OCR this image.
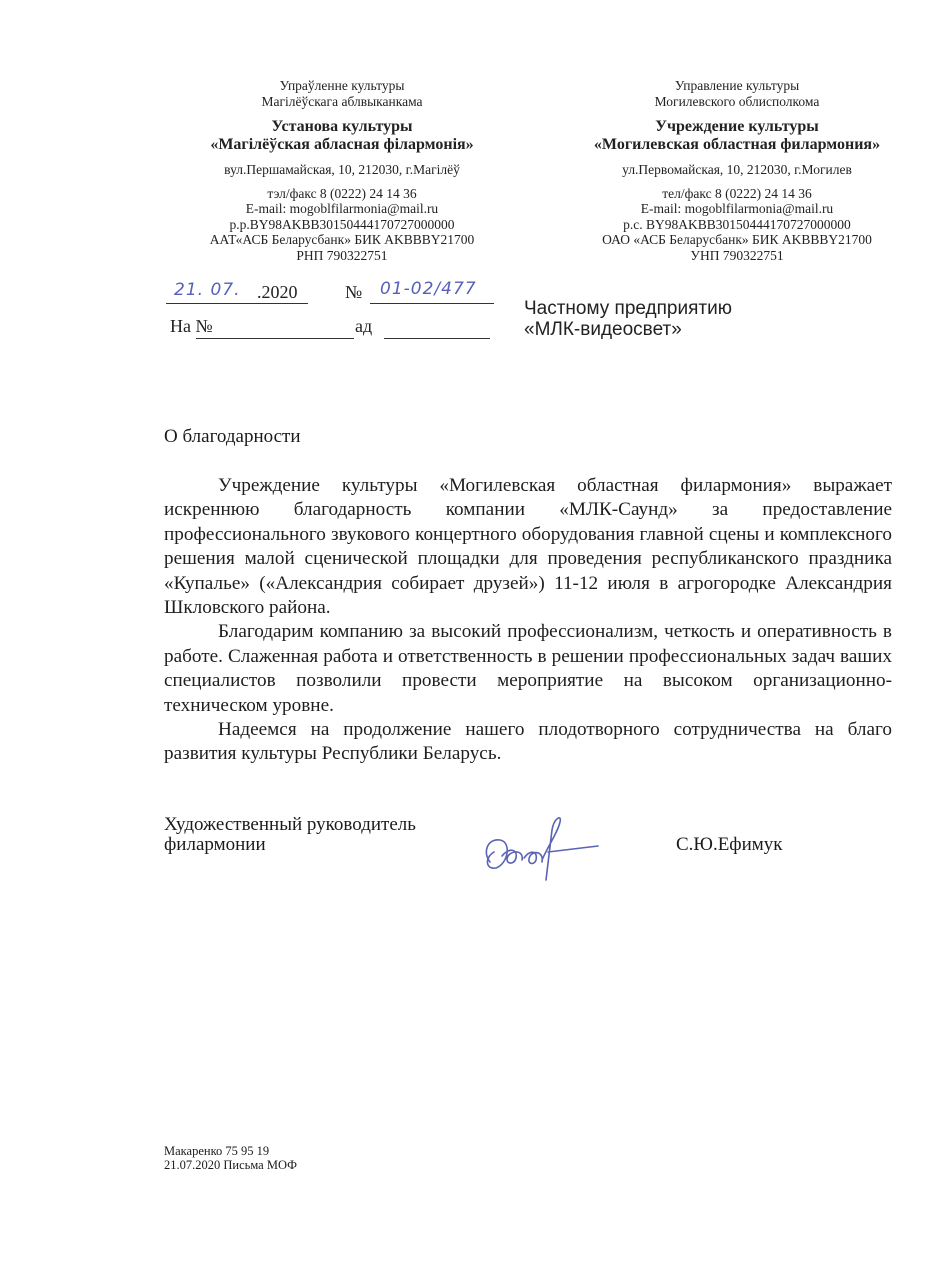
Упраўленне культуры
Магілёўскага аблвыканкама
Установа культуры
«Магілёўская абласная філармонія»
вул.Першамайская, 10, 212030, г.Магілёў
тэл/факс 8 (0222) 24 14 36
E-mail: mogoblfilarmonia@mail.ru
р.р.BY98AKBB30150444170727000000
ААТ«АСБ Беларусбанк» БИК AKBBBY21700
РНП 790322751
Управление культуры
Могилевского облисполкома
Учреждение культуры
«Могилевская областная филармония»
ул.Первомайская, 10, 212030, г.Могилев
тел/факс 8 (0222) 24 14 36
E-mail: mogoblfilarmonia@mail.ru
р.с. BY98AKBB30150444170727000000
ОАО «АСБ Беларусбанк» БИК AKBBBY21700
УНП 790322751
21. 07. .2020	№ 01-02/477
На №	ад
Частному предприятию
«МЛК-видеосвет»
О благодарности

Учреждение культуры «Могилевская областная филармония» выражает искреннюю благодарность компании «МЛК-Саунд» за предоставление профессионального звукового концертного оборудования главной сцены и комплексного решения малой сценической площадки для проведения республиканского праздника «Купалье» («Александрия собирает друзей») 11-12 июля в агрогородке Александрия Шкловского района.

Благодарим компанию за высокий профессионализм, четкость и оперативность в работе. Слаженная работа и ответственность в решении профессиональных задач ваших специалистов позволили провести мероприятие на высоком организационно-техническом уровне.

Надеемся на продолжение нашего плодотворного сотрудничества на благо развития культуры Республики Беларусь.

Художественный руководитель
филармонии	С.Ю.Ефимук
Макаренко 75 95 19
21.07.2020 Письма МОФ
